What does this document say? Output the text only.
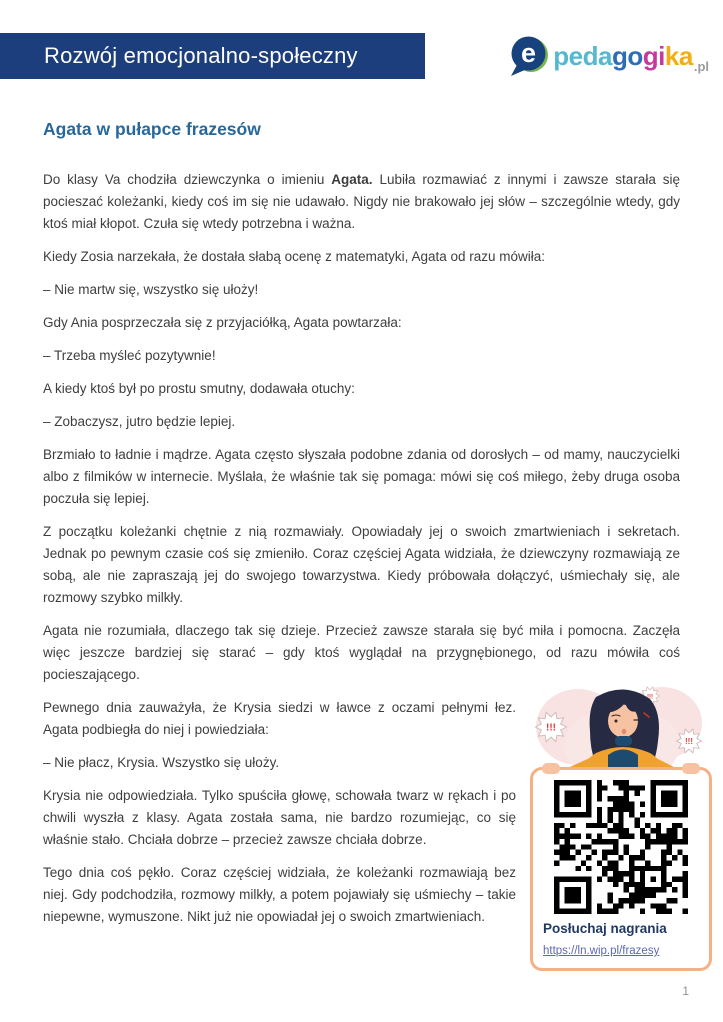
Rozwój emocjonalno-społeczny	e pedagogika .pl
Agata w pułapce frazesów

Do klasy Va chodziła dziewczynka o imieniu Agata. Lubiła rozmawiać z innymi i zawsze starała się pocieszać koleżanki, kiedy coś im się nie udawało. Nigdy nie brakowało jej słów – szczególnie wtedy, gdy ktoś miał kłopot. Czuła się wtedy potrzebna i ważna.

Kiedy Zosia narzekała, że dostała słabą ocenę z matematyki, Agata od razu mówiła:

– Nie martw się, wszystko się ułoży!

Gdy Ania posprzeczała się z przyjaciółką, Agata powtarzała:

– Trzeba myśleć pozytywnie!

A kiedy ktoś był po prostu smutny, dodawała otuchy:

– Zobaczysz, jutro będzie lepiej.

Brzmiało to ładnie i mądrze. Agata często słyszała podobne zdania od dorosłych – od mamy, nauczycielki albo z filmików w internecie. Myślała, że właśnie tak się pomaga: mówi się coś miłego, żeby druga osoba poczuła się lepiej.

Z początku koleżanki chętnie z nią rozmawiały. Opowiadały jej o swoich zmartwieniach i sekretach. Jednak po pewnym czasie coś się zmieniło. Coraz częściej Agata widziała, że dziewczyny rozmawiają ze sobą, ale nie zapraszają jej do swojego towarzystwa. Kiedy próbowała dołączyć, uśmiechały się, ale rozmowy szybko milkły.

Agata nie rozumiała, dlaczego tak się dzieje. Przecież zawsze starała się być miła i pomocna. Zaczęła więc jeszcze bardziej się starać – gdy ktoś wyglądał na przygnębionego, od razu mówiła coś pocieszającego.

!!!
!!!
!!!
Posłuchaj nagrania
https://ln.wip.pl/frazesy

Pewnego dnia zauważyła, że Krysia siedzi w ławce z oczami pełnymi łez. Agata podbiegła do niej i powiedziała:

– Nie płacz, Krysia. Wszystko się ułoży.

Krysia nie odpowiedziała. Tylko spuściła głowę, schowała twarz w rękach i po chwili wyszła z klasy. Agata została sama, nie bardzo rozumiejąc, co się właśnie stało. Chciała dobrze – przecież zawsze chciała dobrze.

Tego dnia coś pękło. Coraz częściej widziała, że koleżanki rozmawiają bez niej. Gdy podchodziła, rozmowy milkły, a potem pojawiały się uśmiechy – takie niepewne, wymuszone. Nikt już nie opowiadał jej o swoich zmartwieniach.

1
